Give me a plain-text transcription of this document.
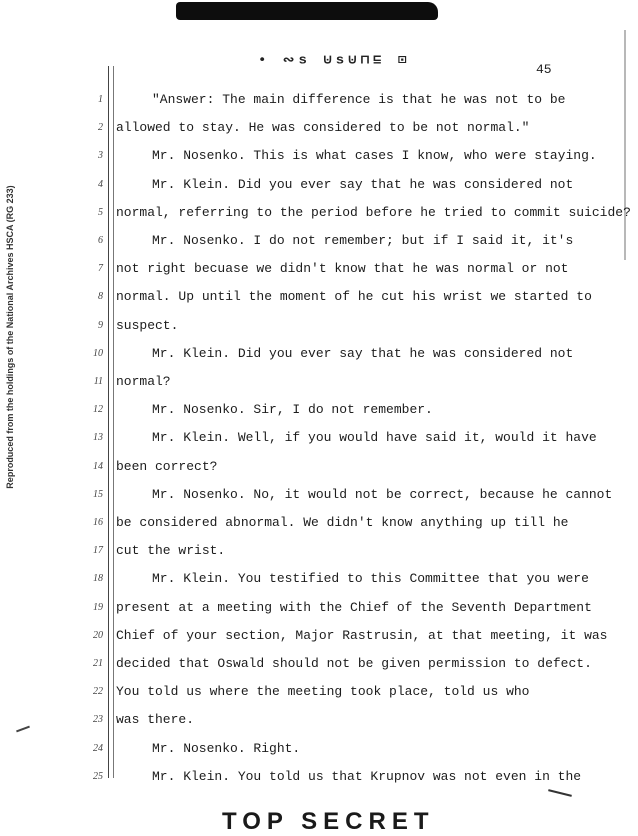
• ∾s ⊍s⊍⊓⊑ ⊡
45
Reproduced from the holdings of the National Archives HSCA (RG 233)
1	"Answer: The main difference is that he was not to be
2 allowed to stay. He was considered to be not normal."
3	Mr. Nosenko. This is what cases I know, who were staying.
4	Mr. Klein. Did you ever say that he was considered not
5 normal, referring to the period before he tried to commit suicide?
6	Mr. Nosenko. I do not remember; but if I said it, it's
7 not right becuase we didn't know that he was normal or not
8 normal. Up until the moment of he cut his wrist we started to
9 suspect.
10	Mr. Klein. Did you ever say that he was considered not
11 normal?
12	Mr. Nosenko. Sir, I do not remember.
13	Mr. Klein. Well, if you would have said it, would it have
14 been correct?
15	Mr. Nosenko. No, it would not be correct, because he cannot
16 be considered abnormal. We didn't know anything up till he
17 cut the wrist.
18	Mr. Klein. You testified to this Committee that you were
19 present at a meeting with the Chief of the Seventh Department
20 Chief of your section, Major Rastrusin, at that meeting, it was
21 decided that Oswald should not be given permission to defect.
22 You told us where the meeting took place, told us who
23 was there.
24	Mr. Nosenko. Right.
25	Mr. Klein. You told us that Krupnov was not even in the
TOP SECRET
